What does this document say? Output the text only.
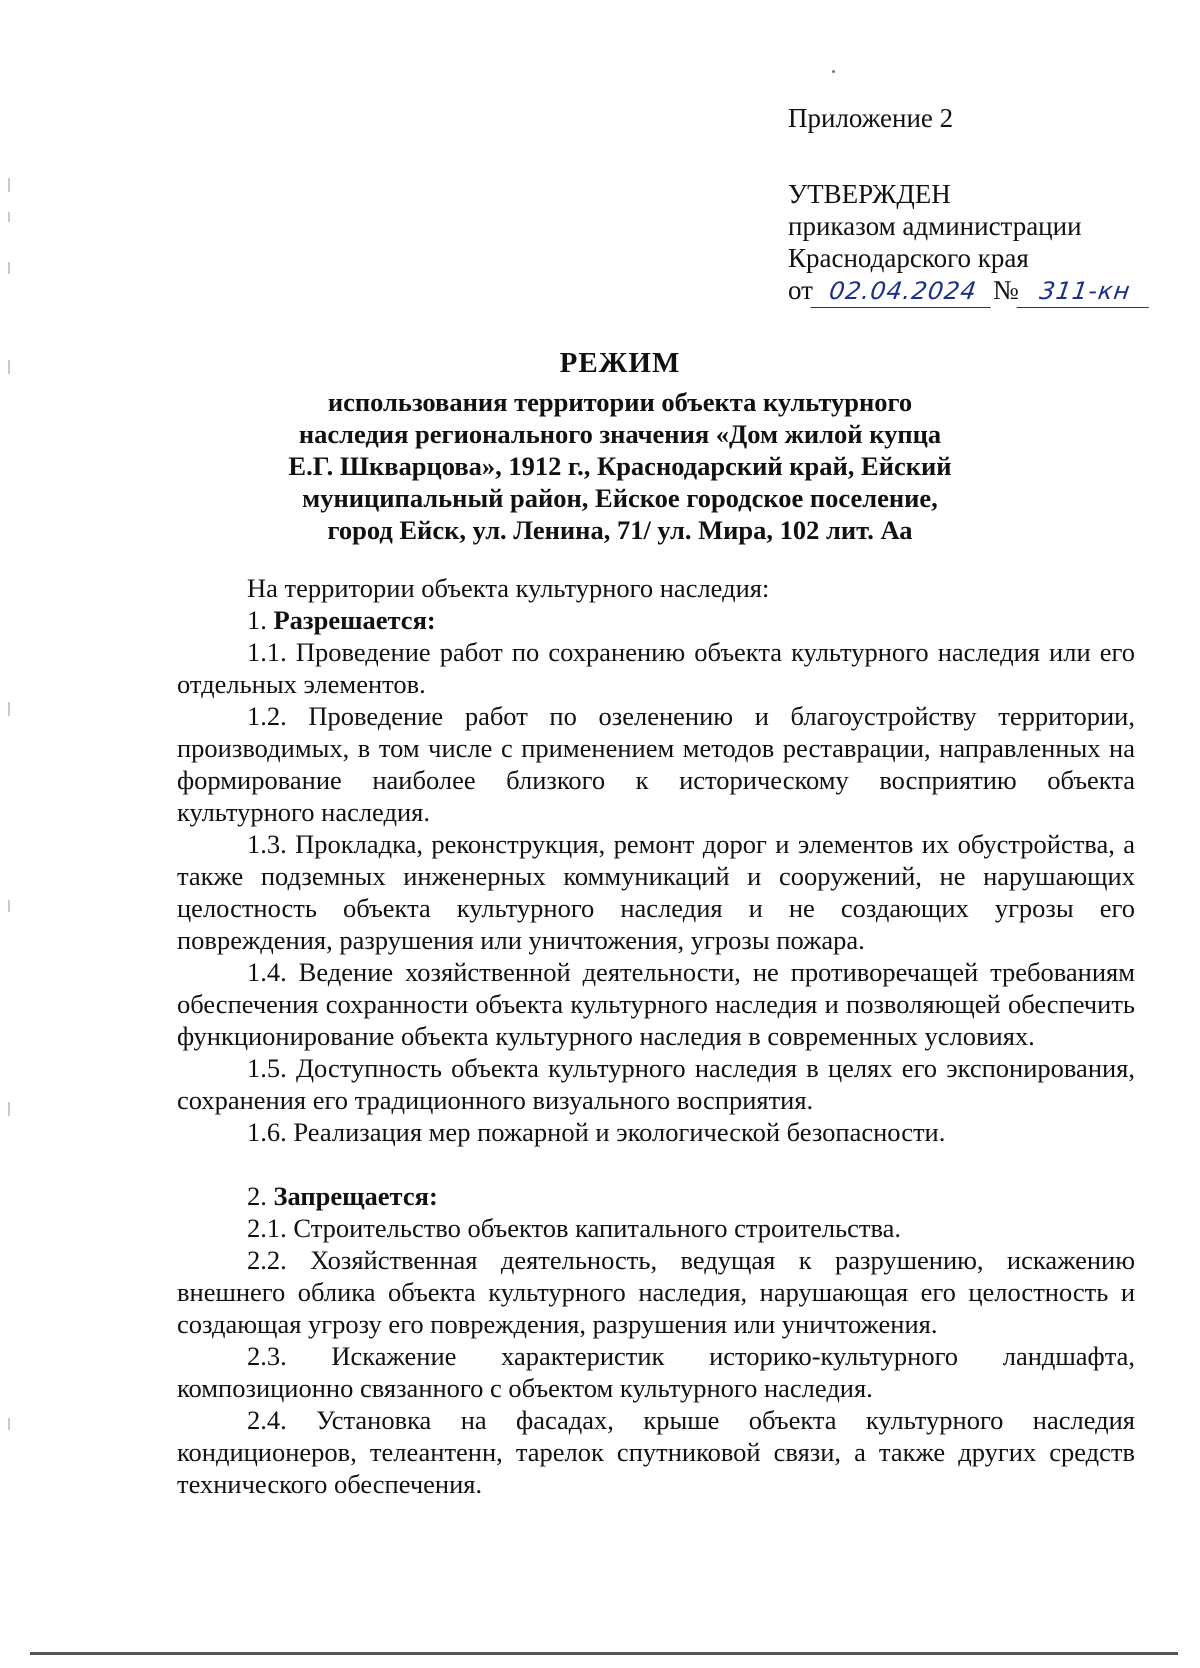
Приложение 2
УТВЕРЖДЕН
приказом администрации
Краснодарского края
от 02.04.2024 № 311-кн
РЕЖИМ
использования территории объекта культурного
наследия регионального значения «Дом жилой купца
Е.Г. Шкварцова», 1912 г., Краснодарский край, Ейский
муниципальный район, Ейское городское поселение,
город Ейск, ул. Ленина, 71/ ул. Мира, 102 лит. Аа

На территории объекта культурного наследия:

1. Разрешается:

1.1. Проведение работ по сохранению объекта культурного наследия или его отдельных элементов.

1.2. Проведение работ по озеленению и благоустройству территории, производимых, в том числе с применением методов реставрации, направленных на формирование наиболее близкого к историческому восприятию объекта культурного наследия.

1.3. Прокладка, реконструкция, ремонт дорог и элементов их обустройства, а также подземных инженерных коммуникаций и сооружений, не нарушающих целостность объекта культурного наследия и не создающих угрозы его повреждения, разрушения или уничтожения, угрозы пожара.

1.4. Ведение хозяйственной деятельности, не противоречащей требованиям обеспечения сохранности объекта культурного наследия и позволяющей обеспечить функционирование объекта культурного наследия в современных условиях.

1.5. Доступность объекта культурного наследия в целях его экспонирования, сохранения его традиционного визуального восприятия.

1.6. Реализация мер пожарной и экологической безопасности.

2. Запрещается:

2.1. Строительство объектов капитального строительства.

2.2. Хозяйственная деятельность, ведущая к разрушению, искажению внешнего облика объекта культурного наследия, нарушающая его целостность и создающая угрозу его повреждения, разрушения или уничтожения.

2.3. Искажение характеристик историко-культурного ландшафта, композиционно связанного с объектом культурного наследия.

2.4. Установка на фасадах, крыше объекта культурного наследия кондиционеров, телеантенн, тарелок спутниковой связи, а также других средств технического обеспечения.
